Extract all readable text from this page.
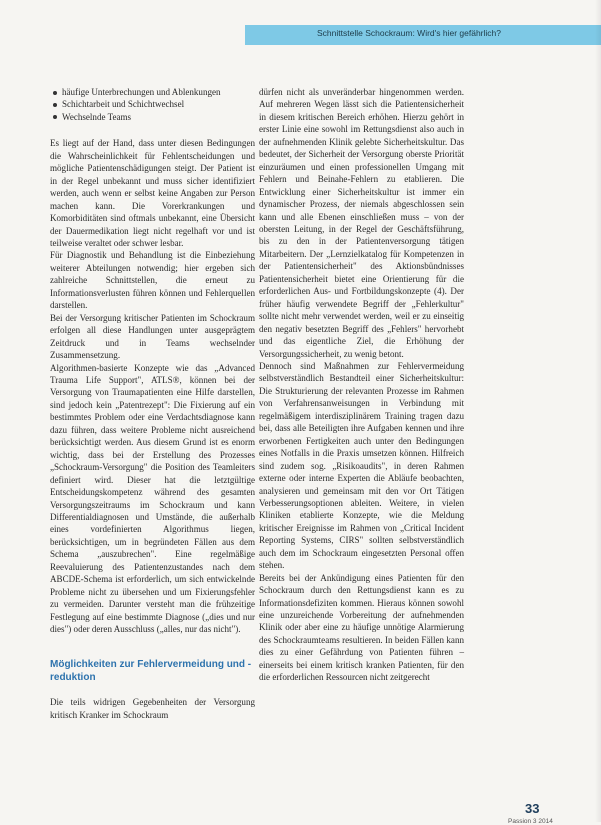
Schnittstelle Schockraum: Wird's hier gefährlich?
häufige Unterbrechungen und Ablenkungen
Schichtarbeit und Schichtwechsel
Wechselnde Teams

Es liegt auf der Hand, dass unter diesen Bedingungen die Wahrscheinlichkeit für Fehlentscheidungen und mögliche Patientenschädigungen steigt. Der Patient ist in der Regel unbekannt und muss sicher identifiziert werden, auch wenn er selbst keine Angaben zur Person machen kann. Die Vorerkrankungen und Komorbiditäten sind oftmals unbekannt, eine Übersicht der Dauermedikation liegt nicht regelhaft vor und ist teilweise veraltet oder schwer lesbar.

Für Diagnostik und Behandlung ist die Einbeziehung weiterer Abteilungen notwendig; hier ergeben sich zahlreiche Schnittstellen, die erneut zu Informationsverlusten führen können und Fehlerquellen darstellen.

Bei der Versorgung kritischer Patienten im Schockraum erfolgen all diese Handlungen unter ausgeprägtem Zeitdruck und in Teams wechselnder Zusammensetzung.

Algorithmen-basierte Konzepte wie das „Advanced Trauma Life Support", ATLS®, können bei der Versorgung von Traumapatienten eine Hilfe darstellen, sind jedoch kein „Patentrezept": Die Fixierung auf ein bestimmtes Problem oder eine Verdachtsdiagnose kann dazu führen, dass weitere Probleme nicht ausreichend berücksichtigt werden. Aus diesem Grund ist es enorm wichtig, dass bei der Erstellung des Prozesses „Schockraum-Versorgung" die Position des Teamleiters definiert wird. Dieser hat die letztgültige Entscheidungskompetenz während des gesamten Versorgungszeitraums im Schockraum und kann Differentialdiagnosen und Umstände, die außerhalb eines vordefinierten Algorithmus liegen, berücksichtigen, um in begründeten Fällen aus dem Schema „auszubrechen". Eine regelmäßige Reevaluierung des Patientenzustandes nach dem ABCDE-Schema ist erforderlich, um sich entwickelnde Probleme nicht zu übersehen und um Fixierungsfehler zu vermeiden. Darunter versteht man die frühzeitige Festlegung auf eine bestimmte Diagnose („dies und nur dies") oder deren Ausschluss („alles, nur das nicht").

Möglichkeiten zur Fehlervermeidung und -reduktion

Die teils widrigen Gegebenheiten der Versorgung kritisch Kranker im Schockraum

dürfen nicht als unveränderbar hingenommen werden. Auf mehreren Wegen lässt sich die Patientensicherheit in diesem kritischen Bereich erhöhen. Hierzu gehört in erster Linie eine sowohl im Rettungsdienst also auch in der aufnehmenden Klinik gelebte Sicherheitskultur. Das bedeutet, der Sicherheit der Versorgung oberste Priorität einzuräumen und einen professionellen Umgang mit Fehlern und Beinahe-Fehlern zu etablieren. Die Entwicklung einer Sicherheitskultur ist immer ein dynamischer Prozess, der niemals abgeschlossen sein kann und alle Ebenen einschließen muss – von der obersten Leitung, in der Regel der Geschäftsführung, bis zu den in der Patientenversorgung tätigen Mitarbeitern. Der „Lernzielkatalog für Kompetenzen in der Patientensicherheit" des Aktionsbündnisses Patientensicherheit bietet eine Orientierung für die erforderlichen Aus- und Fortbildungskonzepte (4). Der früher häufig verwendete Begriff der „Fehlerkultur" sollte nicht mehr verwendet werden, weil er zu einseitig den negativ besetzten Begriff des „Fehlers" hervorhebt und das eigentliche Ziel, die Erhöhung der Versorgungssicherheit, zu wenig betont.

Dennoch sind Maßnahmen zur Fehlervermeidung selbstverständlich Bestandteil einer Sicherheitskultur: Die Strukturierung der relevanten Prozesse im Rahmen von Verfahrensanweisungen in Verbindung mit regelmäßigem interdisziplinärem Training tragen dazu bei, dass alle Beteiligten ihre Aufgaben kennen und ihre erworbenen Fertigkeiten auch unter den Bedingungen eines Notfalls in die Praxis umsetzen können. Hilfreich sind zudem sog. „Risikoaudits", in deren Rahmen externe oder interne Experten die Abläufe beobachten, analysieren und gemeinsam mit den vor Ort Tätigen Verbesserungsoptionen ableiten. Weitere, in vielen Kliniken etablierte Konzepte, wie die Meldung kritischer Ereignisse im Rahmen von „Critical Incident Reporting Systems, CIRS" sollten selbstverständlich auch dem im Schockraum eingesetzten Personal offen stehen.

Bereits bei der Ankündigung eines Patienten für den Schockraum durch den Rettungsdienst kann es zu Informationsdefiziten kommen. Hieraus können sowohl eine unzureichende Vorbereitung der aufnehmenden Klinik oder aber eine zu häufige unnötige Alarmierung des Schockraumteams resultieren. In beiden Fällen kann dies zu einer Gefährdung von Patienten führen – einerseits bei einem kritisch kranken Patienten, für den die erforderlichen Ressourcen nicht zeitgerecht

33
Passion 3 2014
